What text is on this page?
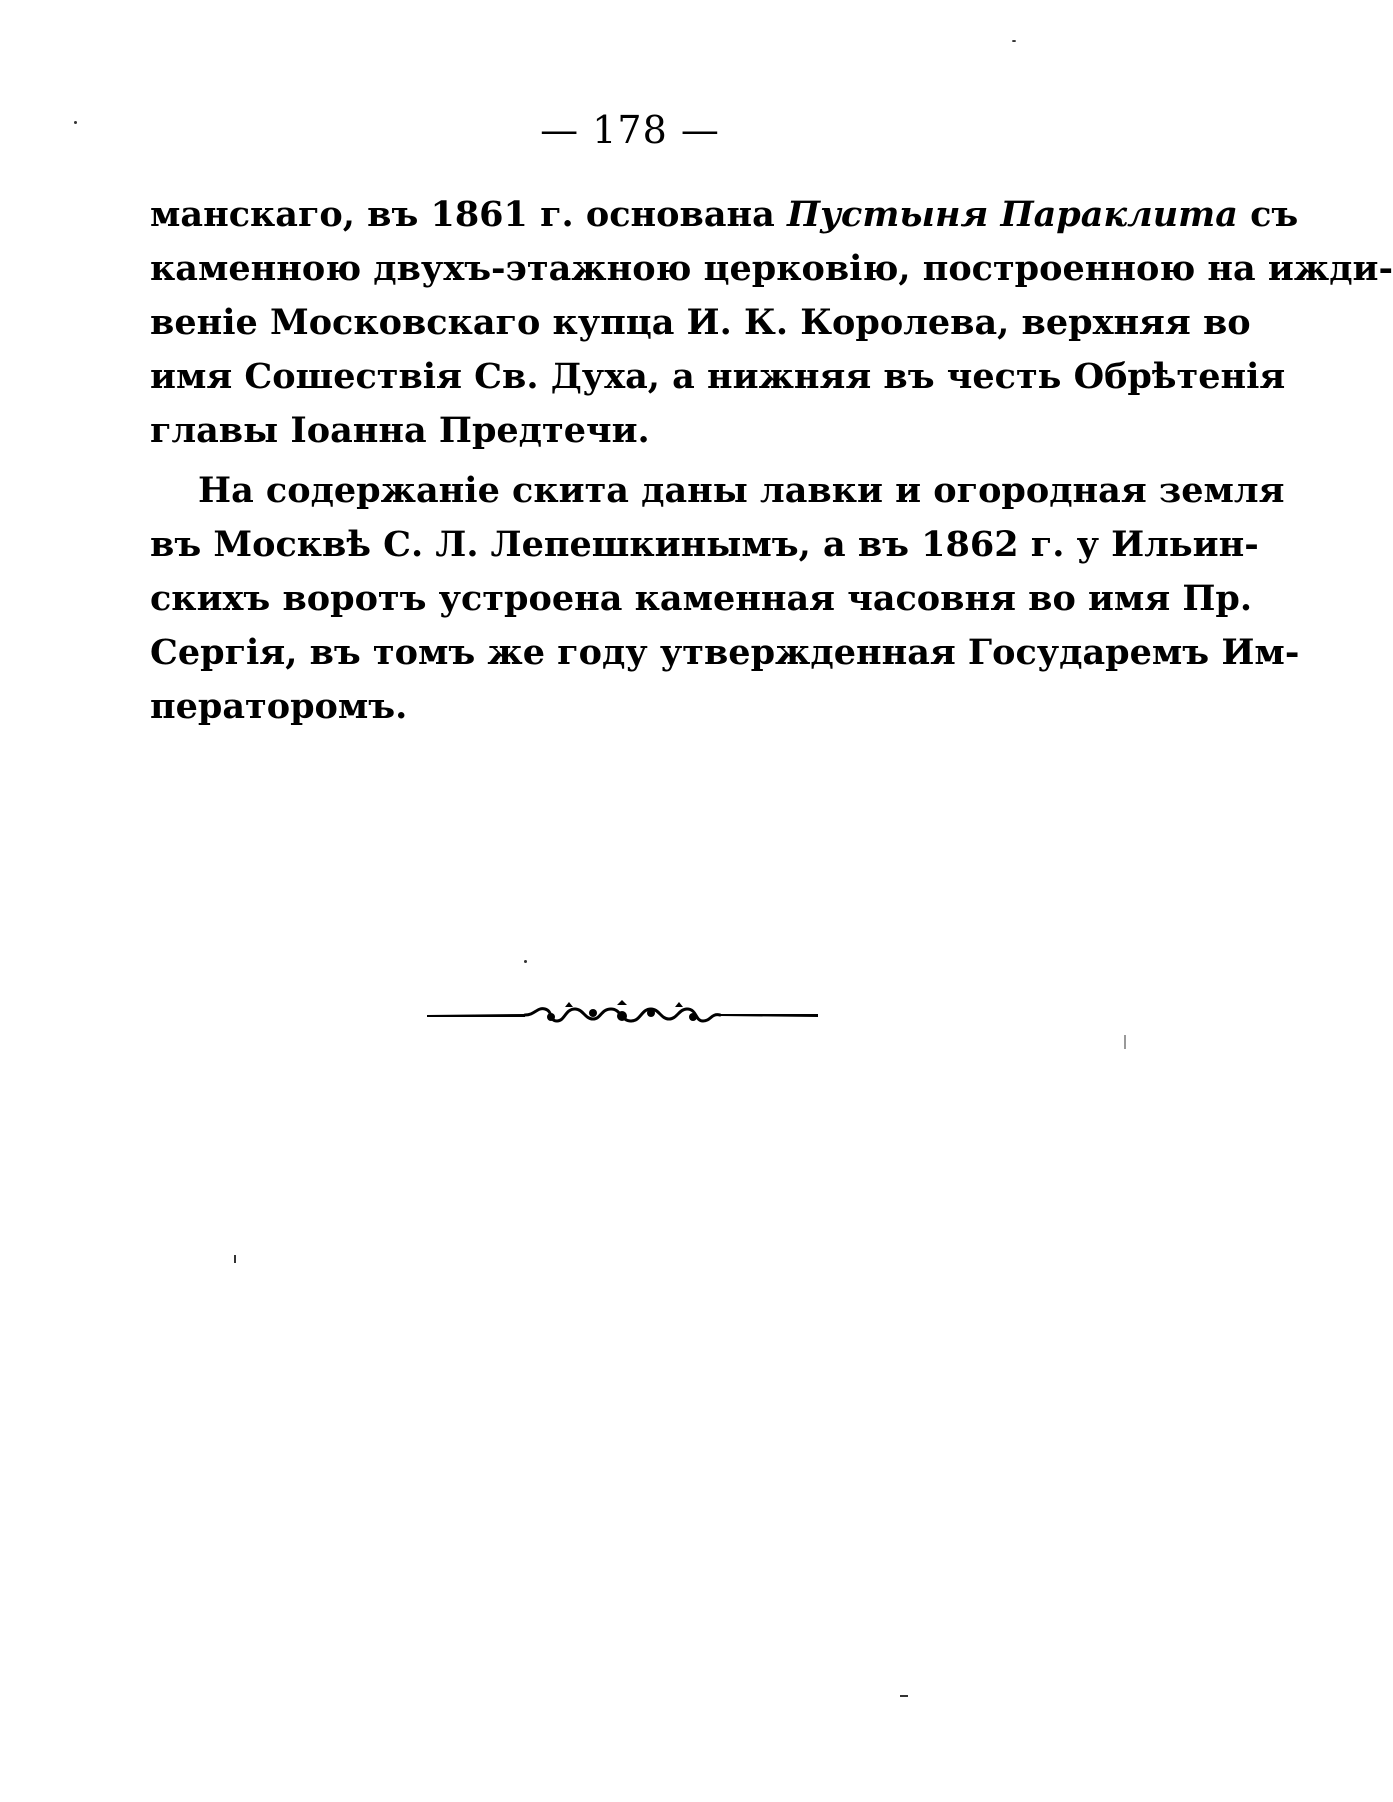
— 178 —
манскаго, въ 1861 г. основана Пустыня Параклита съ
каменною двухъ-этажною церковiю, построенною на ижди-
венiе Московскаго купца И. К. Королева, верхняя во
имя Сошествiя Св. Духа, а нижняя въ честь Обрѣтенiя
главы Iоанна Предтечи.
На содержанiе скита даны лавки и огородная земля
въ Москвѣ С. Л. Лепешкинымъ, а въ 1862 г. у Ильин-
скихъ воротъ устроена каменная часовня во имя Пр.
Сергiя, въ томъ же году утвержденная Государемъ Им-
ператоромъ.
